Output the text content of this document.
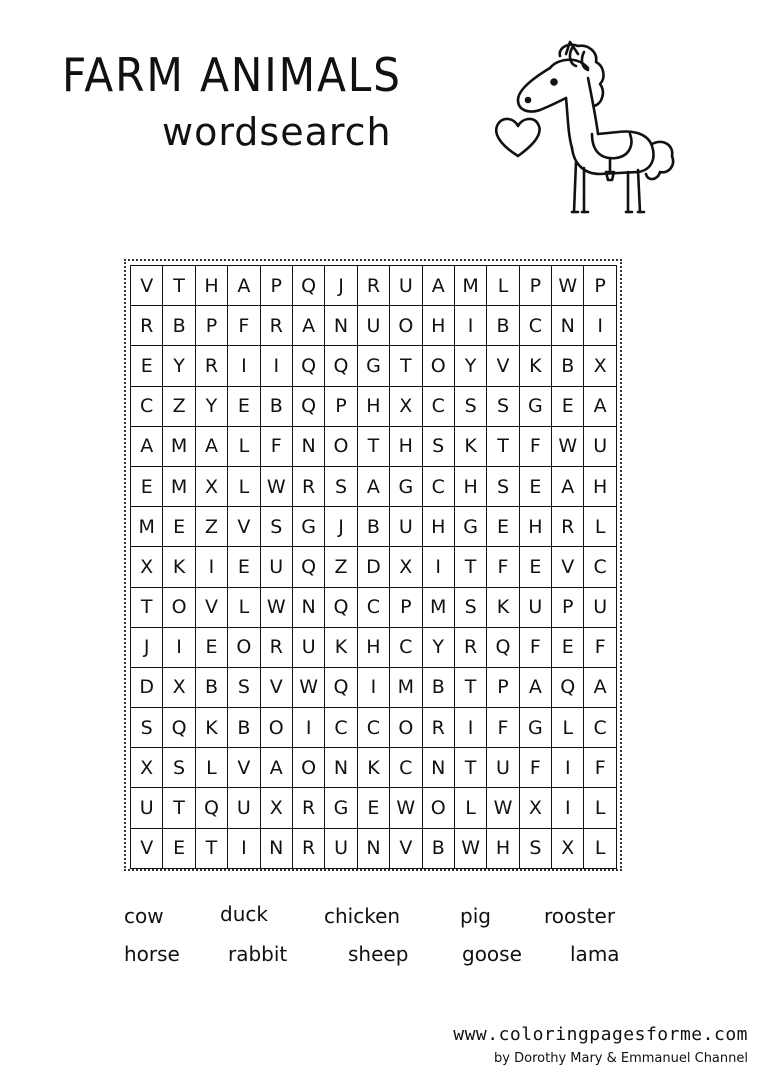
FARM ANIMALS
wordsearch
V	T	H A	P	Q	J	R U A M L	P W P
R	B	P	F	R	A N U O H	I	B	C N	I
E	Y	R	I	I	Q Q G	T	O	Y	V	K	B	X
C	Z	Y	E	B Q	P	H X	C	S	S	G	E	A
A M A	L	F	N O	T	H	S	K	T	F W U
E M X	L W R	S	A G C H	S	E	A H
M E	Z	V	S	G	J	B U H G	E	H R	L
X	K	I	E	U Q Z D X	I	T	F	E	V	C
T	O V	L W N Q C	P M S	K	U	P	U
J	I	E O R U	K	H C	Y	R Q	F	E	F
D X	B	S	V W Q	I	M B	T	P	A Q A
S Q K	B O	I	C	C O R	I	F	G	L	C
X	S	L	V	A O N	K	C N	T	U	F	I	F
U	T	Q U X	R G	E W O	L W X	I	L
V	E	T	I	N R U N V	B W H	S	X	L
cow	duck	chicken	pig	rooster
horse rabbit	sheep	goose lama
www.coloringpagesforme.com
by Dorothy Mary & Emmanuel Channel
